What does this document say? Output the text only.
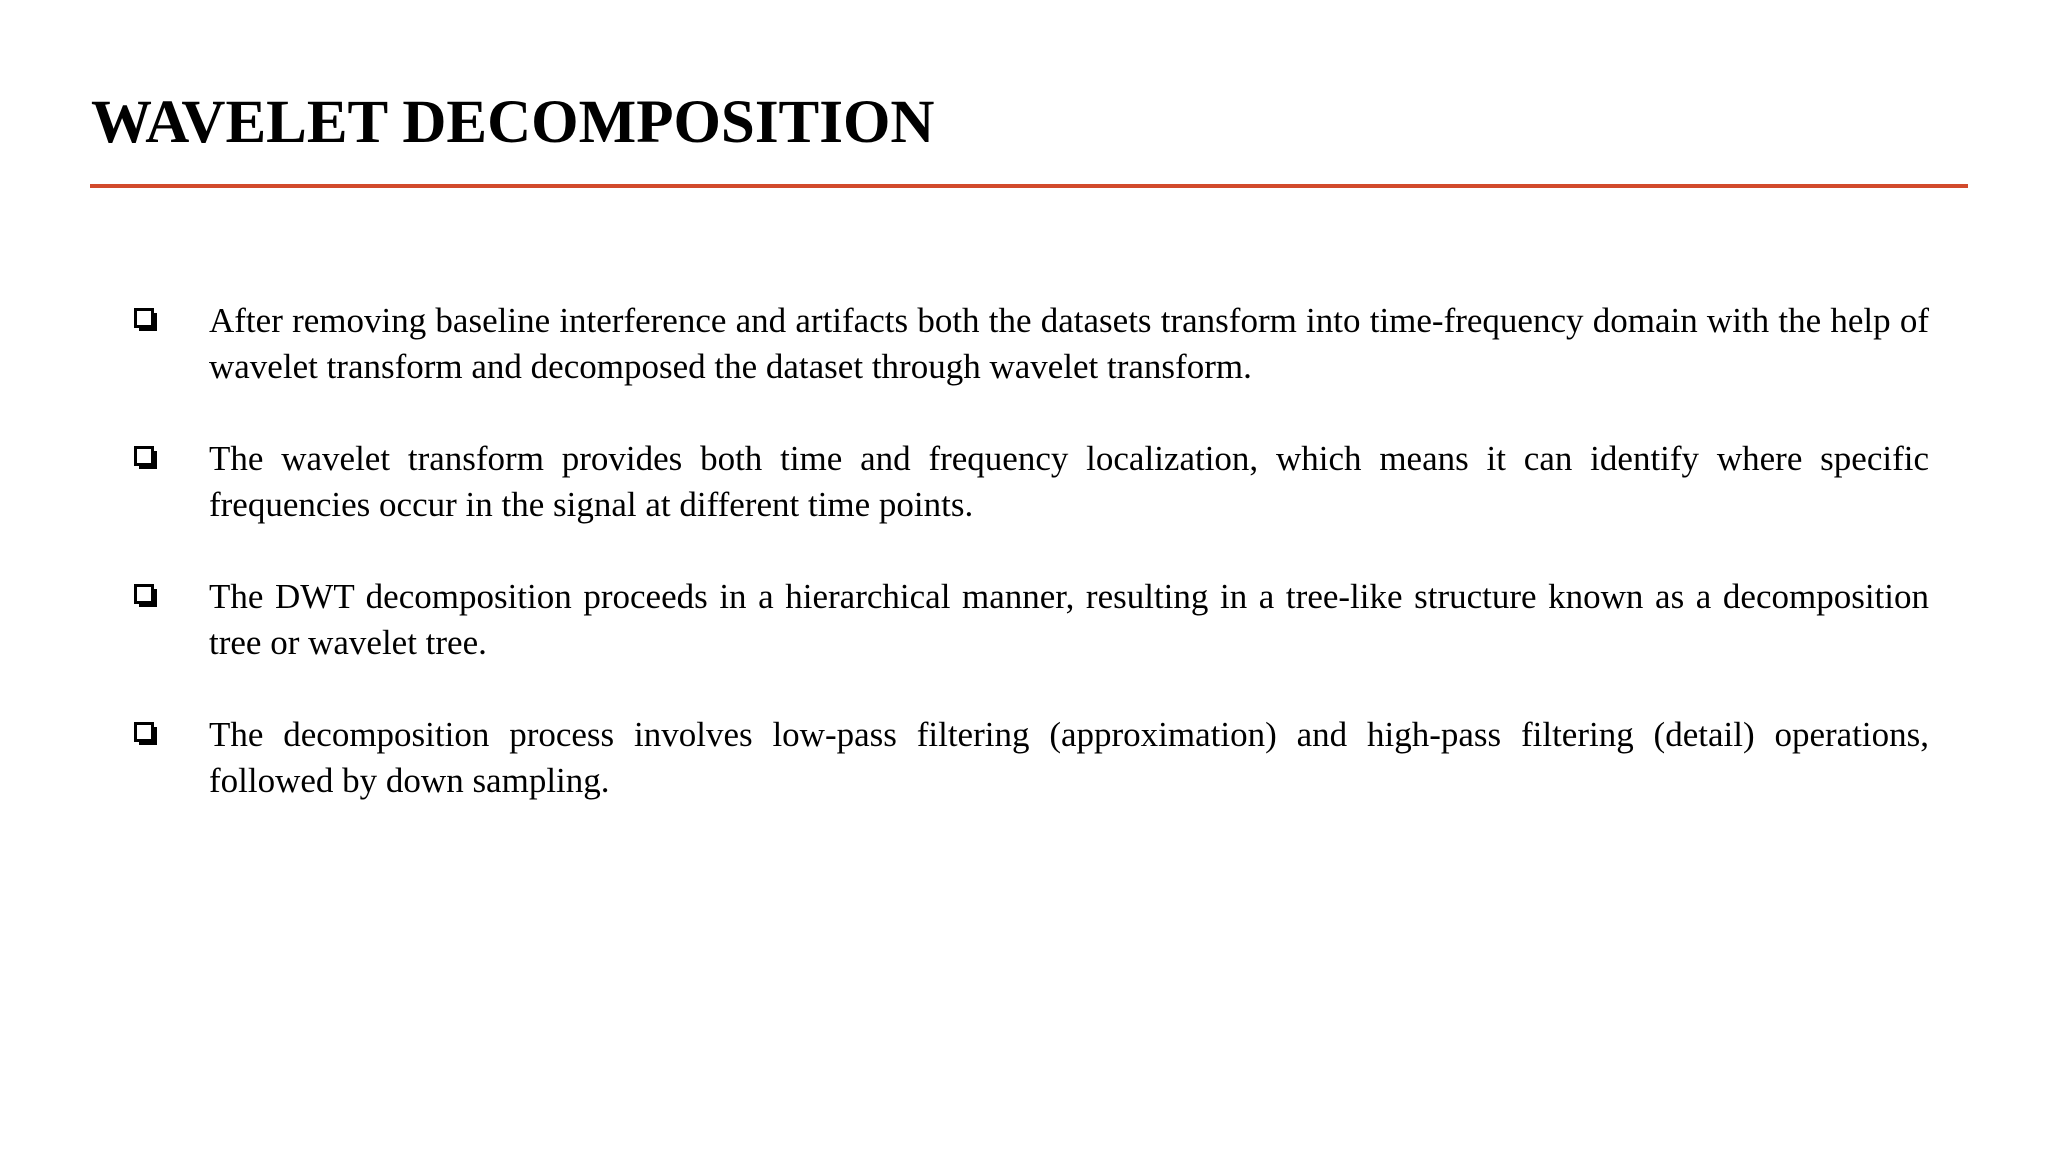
WAVELET DECOMPOSITION
After removing baseline interference and artifacts both the datasets transform into time-frequency domain with the help of wavelet transform and decomposed the dataset through wavelet transform.
The wavelet transform provides both time and frequency localization, which means it can identify where specific frequencies occur in the signal at different time points.
The DWT decomposition proceeds in a hierarchical manner, resulting in a tree-like structure known as a decomposition tree or wavelet tree.
The decomposition process involves low-pass filtering (approximation) and high-pass filtering (detail) operations, followed by down sampling.
